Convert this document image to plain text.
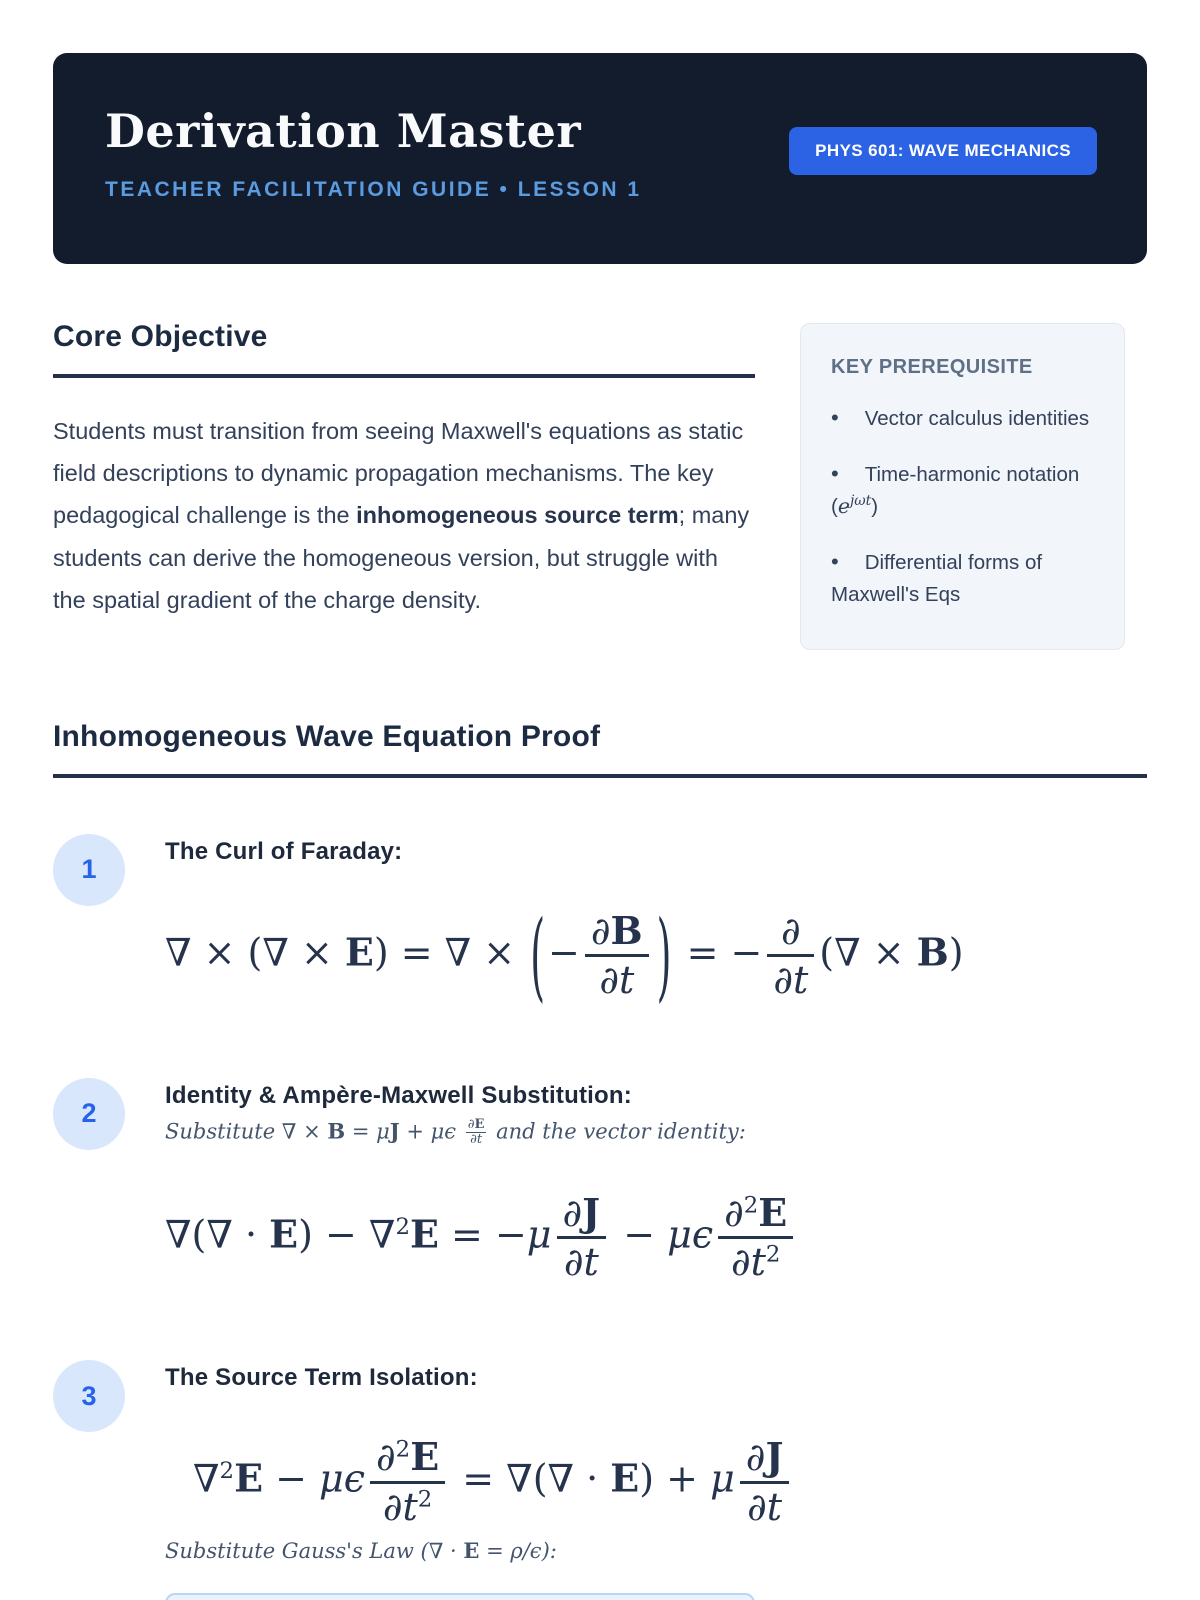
Derivation Master
TEACHER FACILITATION GUIDE • LESSON 1
PHYS 601: WAVE MECHANICS
Core Objective

Students must transition from seeing Maxwell's equations as static field descriptions to dynamic propagation mechanisms. The key pedagogical challenge is the inhomogeneous source term; many students can derive the homogeneous version, but struggle with the spatial gradient of the charge density.

KEY PREREQUISITE
• Vector calculus identities
• Time-harmonic notation $(e^{j\omega t})$
• Differential forms of Maxwell's Eqs
Inhomogeneous Wave Equation Proof
1
The Curl of Faraday:
∇ × (∇ × E) = ∇ × (− $\frac{\partial B}{\partial t}$ ) = − $\frac{\partial}{\partial t}$ (∇ × B)
2
Identity & Ampère-Maxwell Substitution:
Substitute ∇ × B = μJ + μϵ $\frac{\partial E}{\partial t}$ and the vector identity:
∇(∇ · $E) - \nabla^2E = -\mu \frac{\partial J}{\partial t} - \mu\epsilon \frac{\partial^2E}{\partial t^2}$
3
The Source Term Isolation:
∇$^2$E − μϵ $\frac{\partial^2E}{\partial t^2}$ = ∇(∇ · E) + μ $\frac{\partial J}{\partial t}$
Substitute Gauss's Law (∇ · E = ρ/ϵ):
